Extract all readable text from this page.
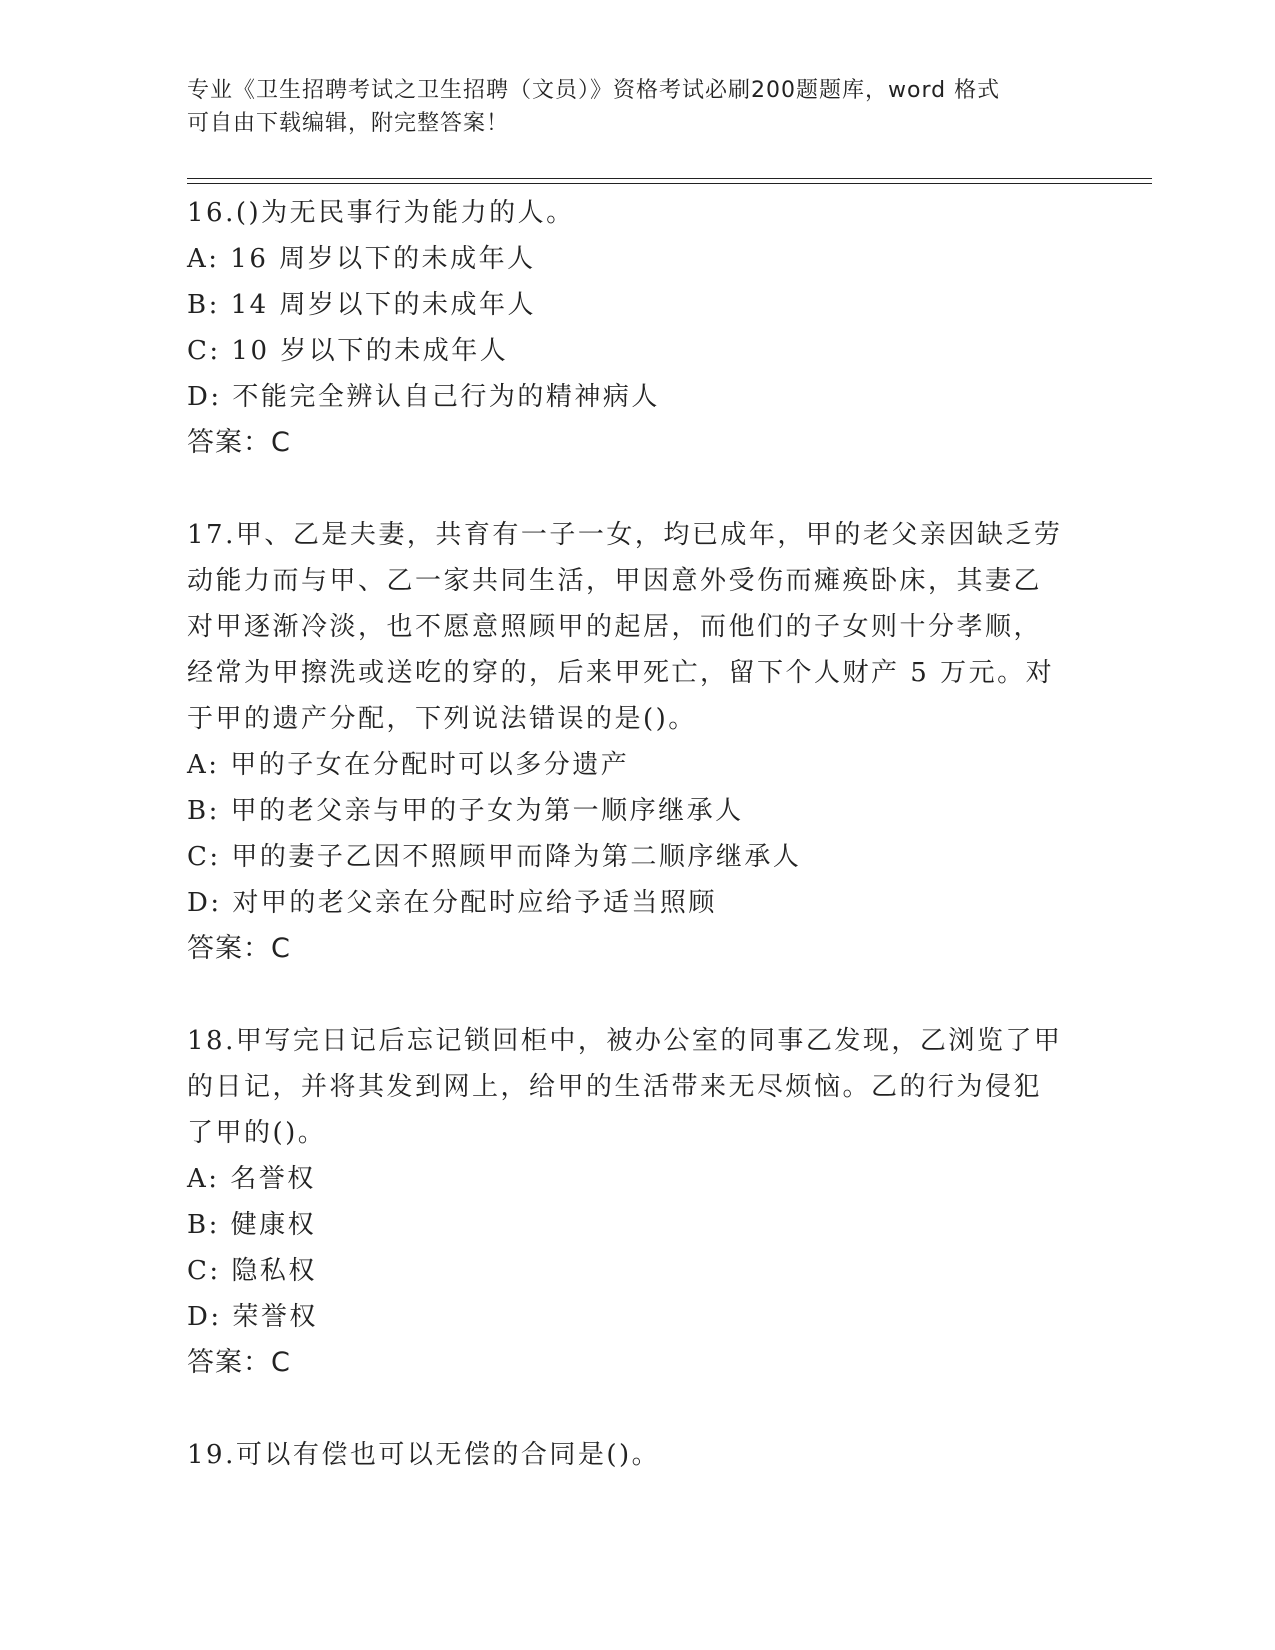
专业《卫生招聘考试之卫生招聘（文员）》资格考试必刷200题题库，word 格式
可自由下载编辑，附完整答案！
16.()为无民事行为能力的人。
A: 16 周岁以下的未成年人
B: 14 周岁以下的未成年人
C: 10 岁以下的未成年人
D: 不能完全辨认自己行为的精神病人
答案：C
17.甲、乙是夫妻，共育有一子一女，均已成年，甲的老父亲因缺乏劳
动能力而与甲、乙一家共同生活，甲因意外受伤而瘫痪卧床，其妻乙
对甲逐渐冷淡，也不愿意照顾甲的起居，而他们的子女则十分孝顺，
经常为甲擦洗或送吃的穿的，后来甲死亡，留下个人财产 5 万元。对
于甲的遗产分配，下列说法错误的是()。
A: 甲的子女在分配时可以多分遗产
B: 甲的老父亲与甲的子女为第一顺序继承人
C: 甲的妻子乙因不照顾甲而降为第二顺序继承人
D: 对甲的老父亲在分配时应给予适当照顾
答案：C
18.甲写完日记后忘记锁回柜中，被办公室的同事乙发现，乙浏览了甲
的日记，并将其发到网上，给甲的生活带来无尽烦恼。乙的行为侵犯
了甲的()。
A: 名誉权
B: 健康权
C: 隐私权
D: 荣誉权
答案：C
19.可以有偿也可以无偿的合同是()。
